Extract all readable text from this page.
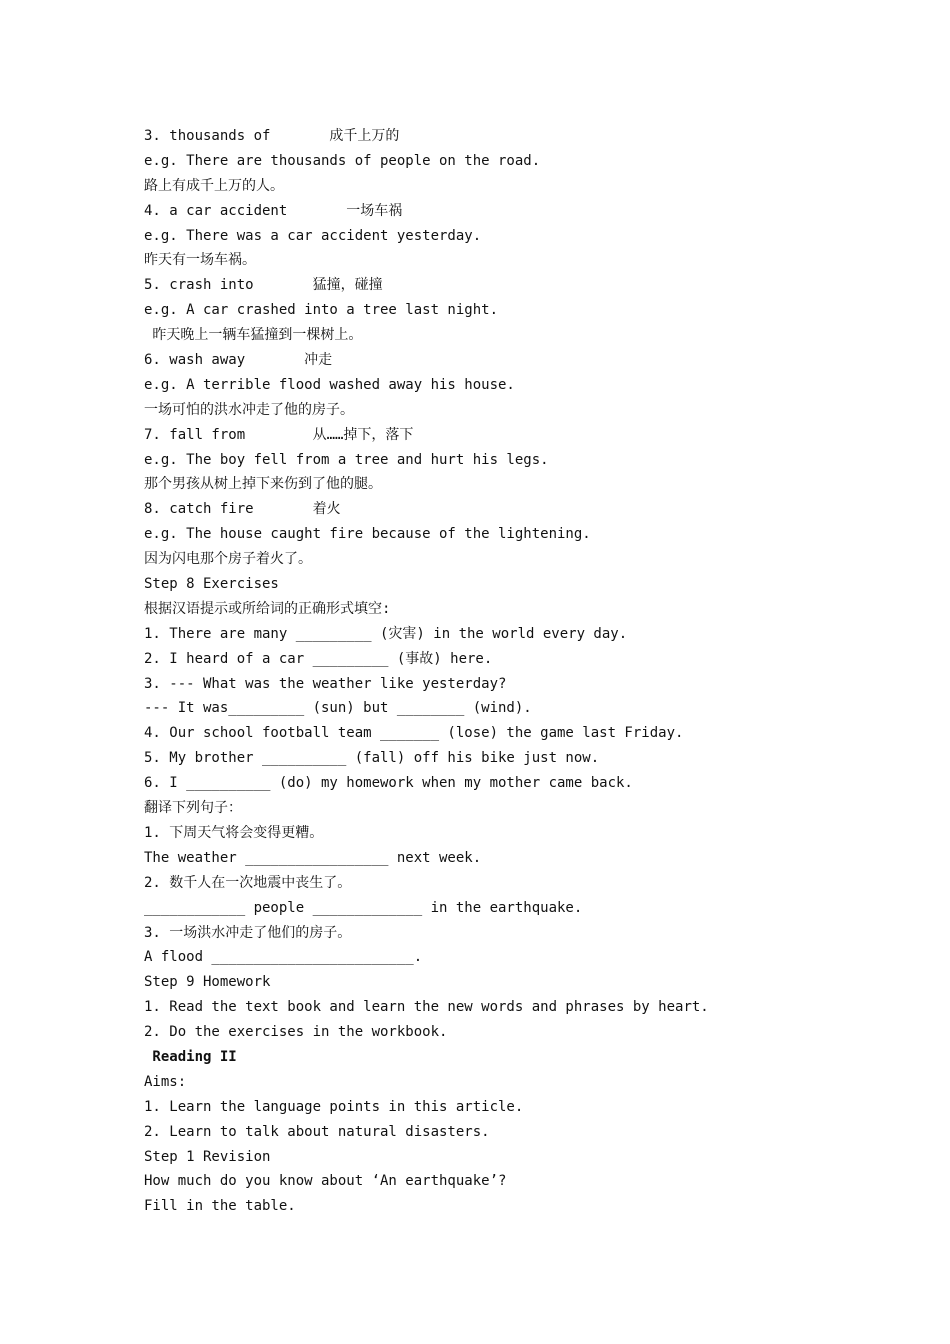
3. thousands of       成千上万的
e.g. There are thousands of people on the road.
路上有成千上万的人。
4. a car accident       一场车祸
e.g. There was a car accident yesterday.
昨天有一场车祸。
5. crash into       猛撞，碰撞
e.g. A car crashed into a tree last night.
昨天晚上一辆车猛撞到一棵树上。
6. wash away       冲走
e.g. A terrible flood washed away his house.
一场可怕的洪水冲走了他的房子。
7. fall from        从……掉下，落下
e.g. The boy fell from a tree and hurt his legs.
那个男孩从树上掉下来伤到了他的腿。
8. catch fire       着火
e.g. The house caught fire because of the lightening.
因为闪电那个房子着火了。
Step 8 Exercises
根据汉语提示或所给词的正确形式填空:
1. There are many _________ (灾害) in the world every day.
2. I heard of a car _________ (事故) here.
3. --- What was the weather like yesterday?
--- It was_________ (sun) but ________ (wind).
4. Our school football team _______ (lose) the game last Friday.
5. My brother __________ (fall) off his bike just now.
6. I __________ (do) my homework when my mother came back.
翻译下列句子：
1. 下周天气将会变得更糟。
The weather _________________ next week.
2. 数千人在一次地震中丧生了。
____________ people _____________ in the earthquake.
3. 一场洪水冲走了他们的房子。
A flood ________________________.
Step 9 Homework
1. Read the text book and learn the new words and phrases by heart.
2. Do the exercises in the workbook.
Reading II
Aims:
1. Learn the language points in this article.
2. Learn to talk about natural disasters.
Step 1 Revision
How much do you know about ‘An earthquake’?
Fill in the table.
